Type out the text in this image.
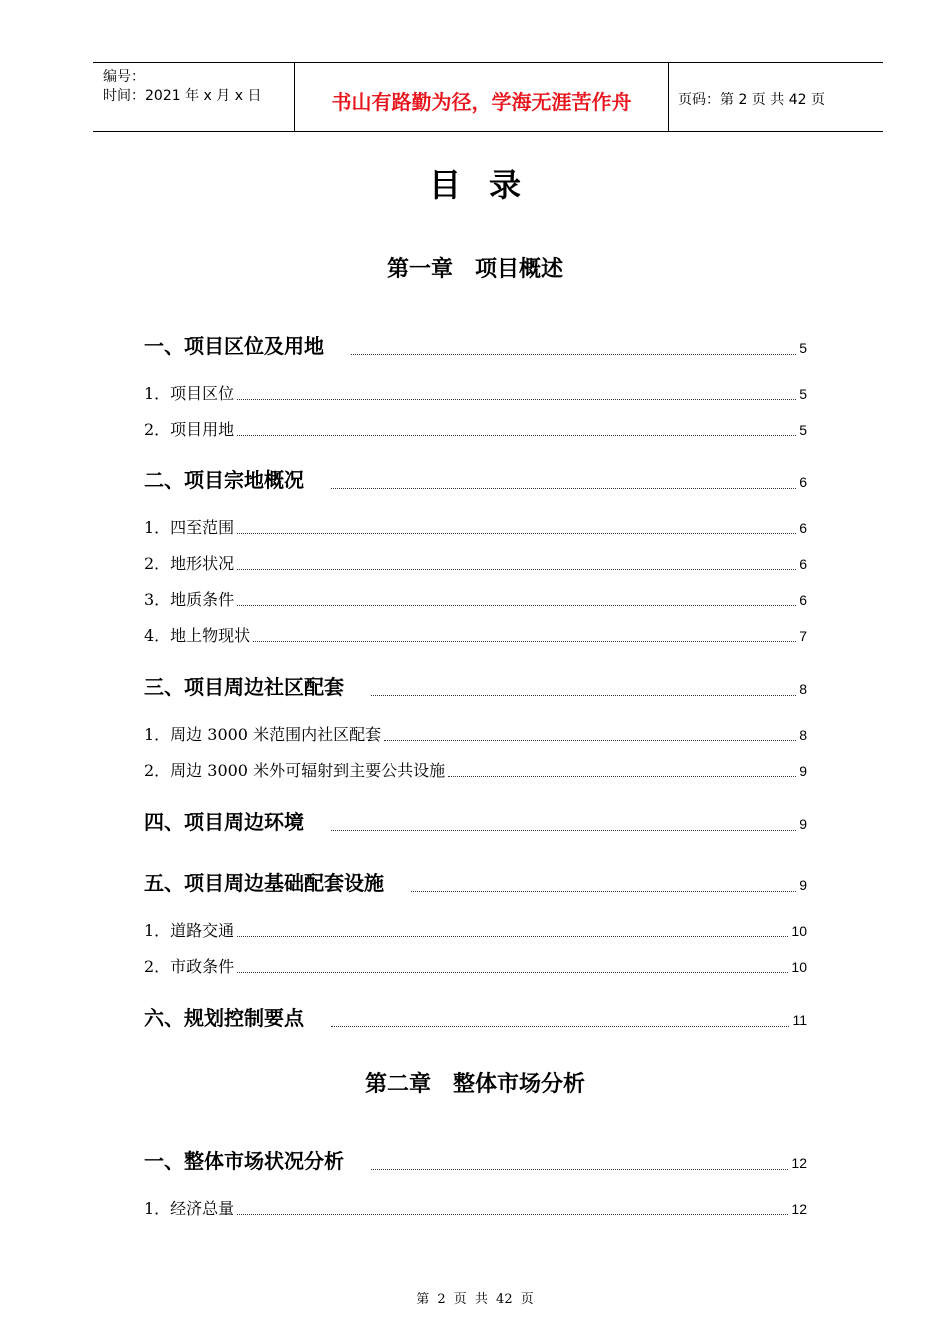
编号：
时间：2021 年 x 月 x 日	书山有路勤为径，学海无涯苦作舟	页码：第 2 页 共 42 页
目录
第一章　项目概述
第二章　整体市场分析
一、项目区位及用地	5
1．项目区位	5
2．项目用地	5
二、项目宗地概况	6
1．四至范围	6
2．地形状况	6
3．地质条件	6
4．地上物现状	7
三、项目周边社区配套	8
1．周边 3000 米范围内社区配套	8
2．周边 3000 米外可辐射到主要公共设施	9
四、项目周边环境	9
五、项目周边基础配套设施	9
1．道路交通	10
2．市政条件	10
六、规划控制要点	11
一、整体市场状况分析	12
1．经济总量	12
第 2 页 共 42 页
